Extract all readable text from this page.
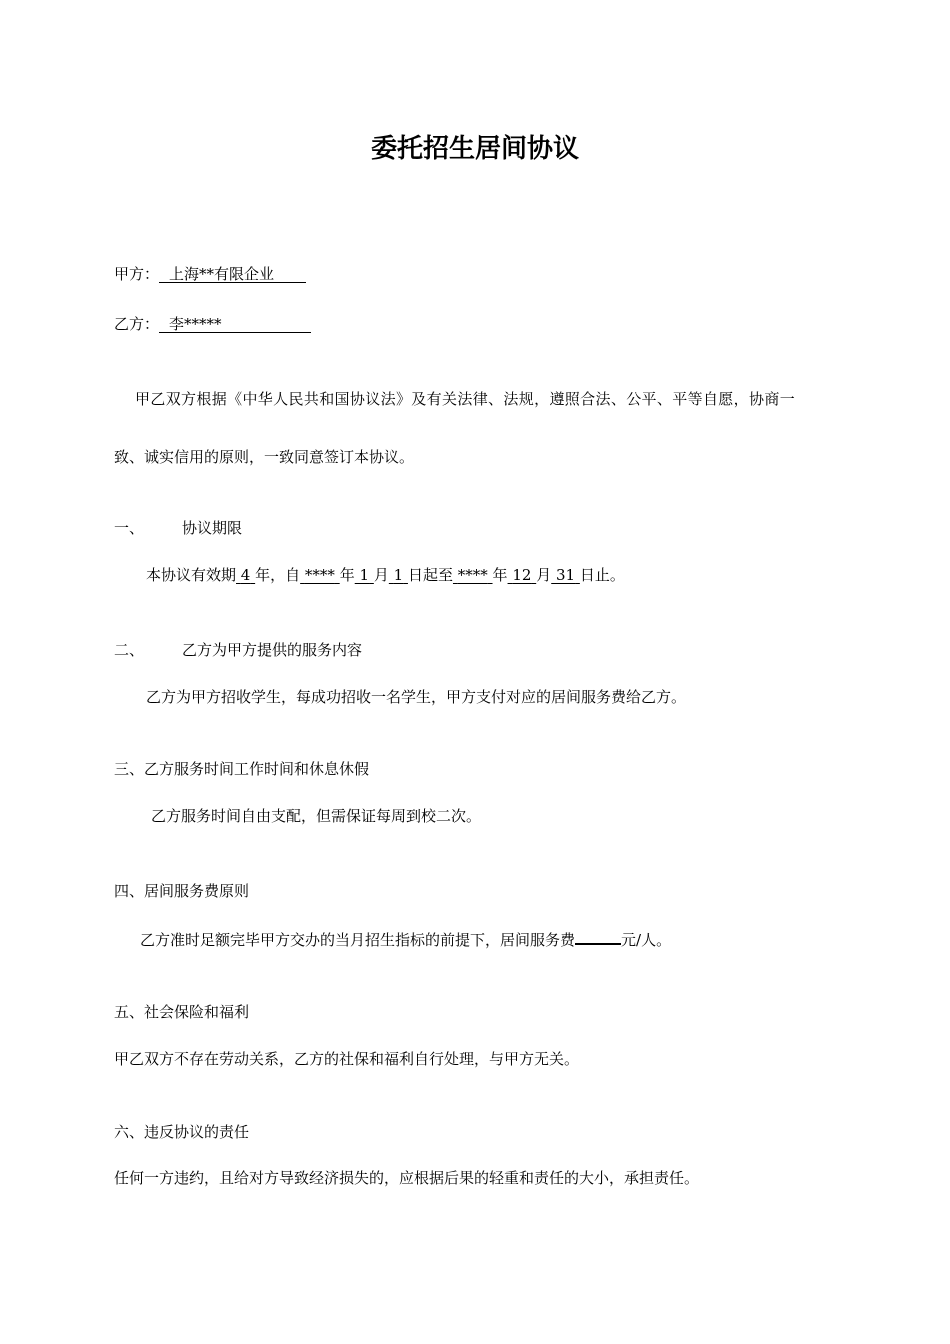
委托招生居间协议
甲方： 上海**有限企业
乙方： 李*****
甲乙双方根据《中华人民共和国协议法》及有关法律、法规，遵照合法、公平、平等自愿，协商一
致、诚实信用的原则，一致同意签订本协议。
一、	协议期限
本协议有效期 4 年，自 **** 年 1 月 1 日起至 **** 年 12 月 31 日止。
二、	乙方为甲方提供的服务内容
乙方为甲方招收学生，每成功招收一名学生，甲方支付对应的居间服务费给乙方。
三、乙方服务时间工作时间和休息休假
乙方服务时间自由支配，但需保证每周到校二次。
四、居间服务费原则
乙方准时足额完毕甲方交办的当月招生指标的前提下，居间服务费	元/人。
五、社会保险和福利
甲乙双方不存在劳动关系，乙方的社保和福利自行处理，与甲方无关。
六、违反协议的责任
任何一方违约，且给对方导致经济损失的，应根据后果的轻重和责任的大小，承担责任。
